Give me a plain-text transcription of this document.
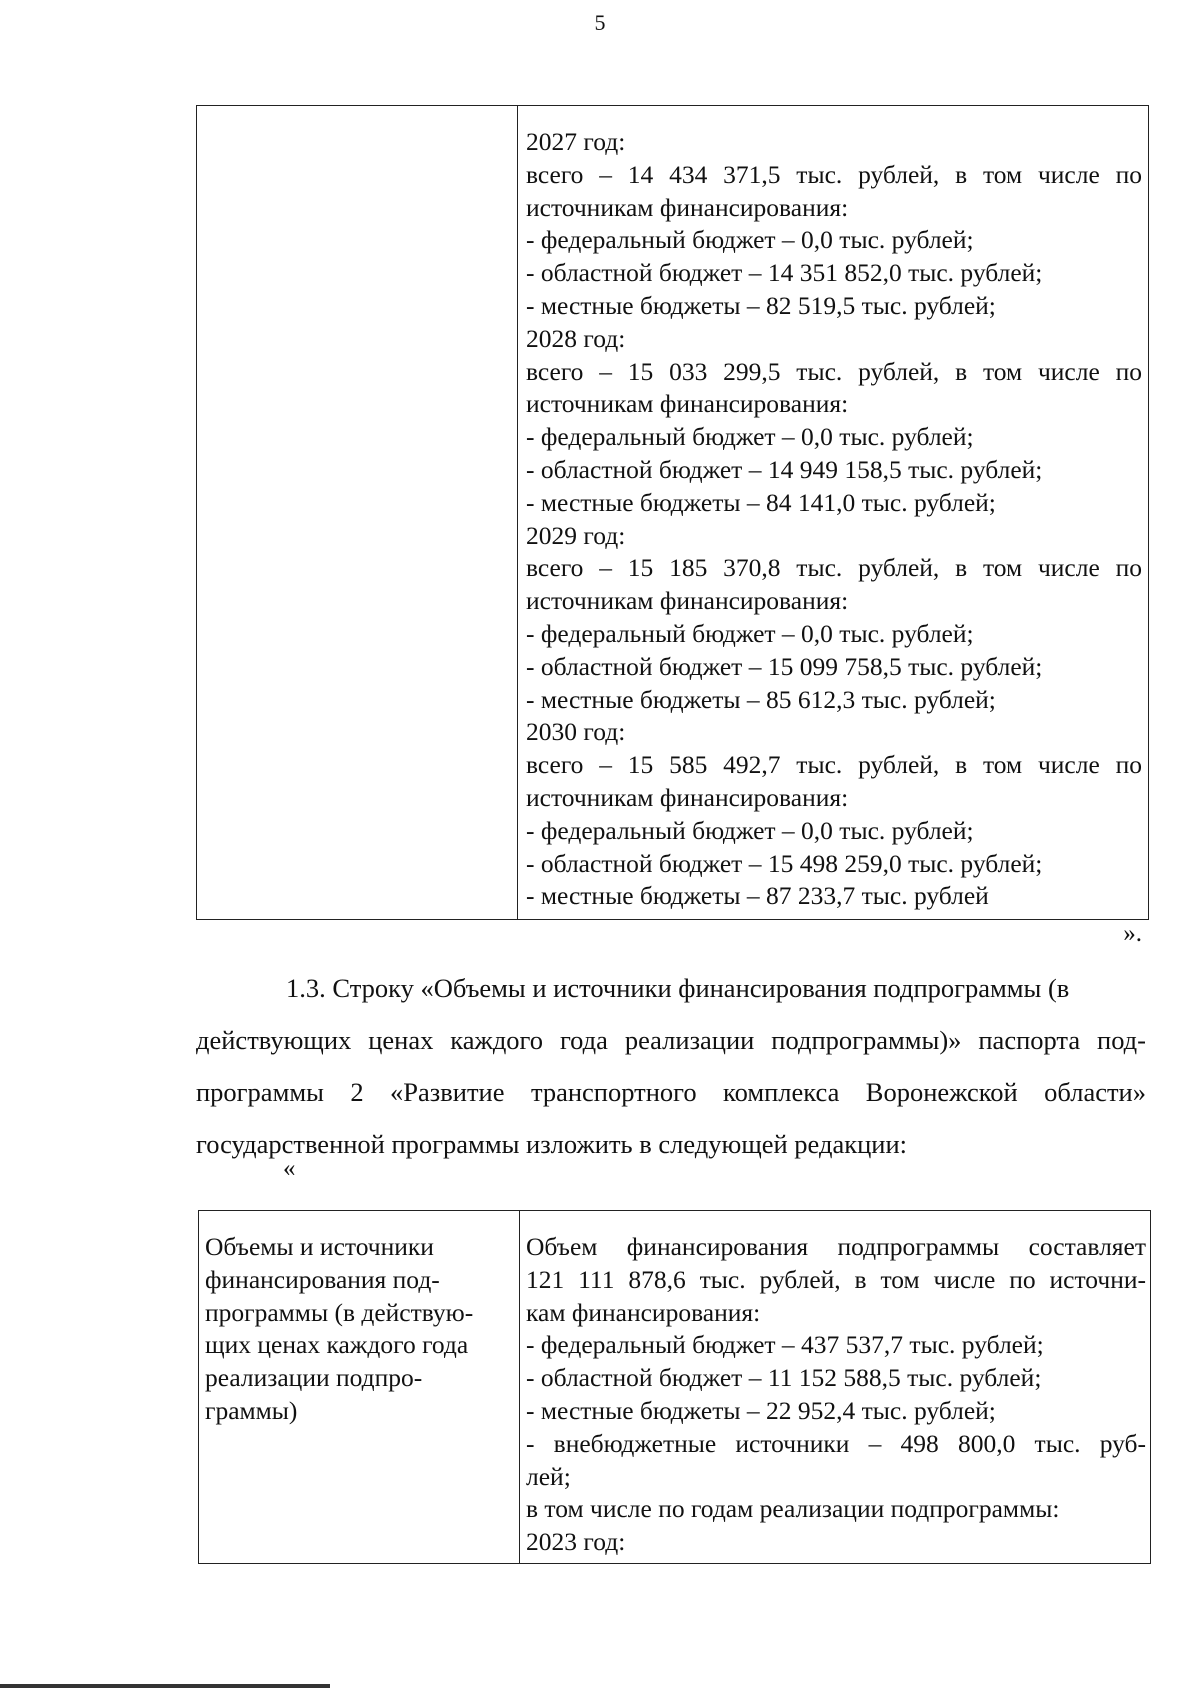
5

2027 год:
всего – 14 434 371,5 тыс. рублей, в том числе по
источникам финансирования:
- федеральный бюджет – 0,0 тыс. рублей;
- областной бюджет – 14 351 852,0 тыс. рублей;
- местные бюджеты – 82 519,5 тыс. рублей;
2028 год:
всего – 15 033 299,5 тыс. рублей, в том числе по
источникам финансирования:
- федеральный бюджет – 0,0 тыс. рублей;
- областной бюджет – 14 949 158,5 тыс. рублей;
- местные бюджеты – 84 141,0 тыс. рублей;
2029 год:
всего – 15 185 370,8 тыс. рублей, в том числе по
источникам финансирования:
- федеральный бюджет – 0,0 тыс. рублей;
- областной бюджет – 15 099 758,5 тыс. рублей;
- местные бюджеты – 85 612,3 тыс. рублей;
2030 год:
всего – 15 585 492,7 тыс. рублей, в том числе по
источникам финансирования:
- федеральный бюджет – 0,0 тыс. рублей;
- областной бюджет – 15 498 259,0 тыс. рублей;
- местные бюджеты – 87 233,7 тыс. рублей
».
1.3. Строку «Объемы и источники финансирования подпрограммы (в
действующих ценах каждого года реализации подпрограммы)» паспорта под-
программы 2 «Развитие транспортного комплекса Воронежской области»
государственной программы изложить в следующей редакции:
«
Объемы и источники
финансирования под-
программы (в действую-
щих ценах каждого года
реализации подпро-
граммы)

Объем финансирования подпрограммы составляет
121 111 878,6 тыс. рублей, в том числе по источни-
кам финансирования:
- федеральный бюджет – 437 537,7 тыс. рублей;
- областной бюджет – 11 152 588,5 тыс. рублей;
- местные бюджеты – 22 952,4 тыс. рублей;
- внебюджетные источники – 498 800,0 тыс. руб-
лей;
в том числе по годам реализации подпрограммы:
2023 год:
